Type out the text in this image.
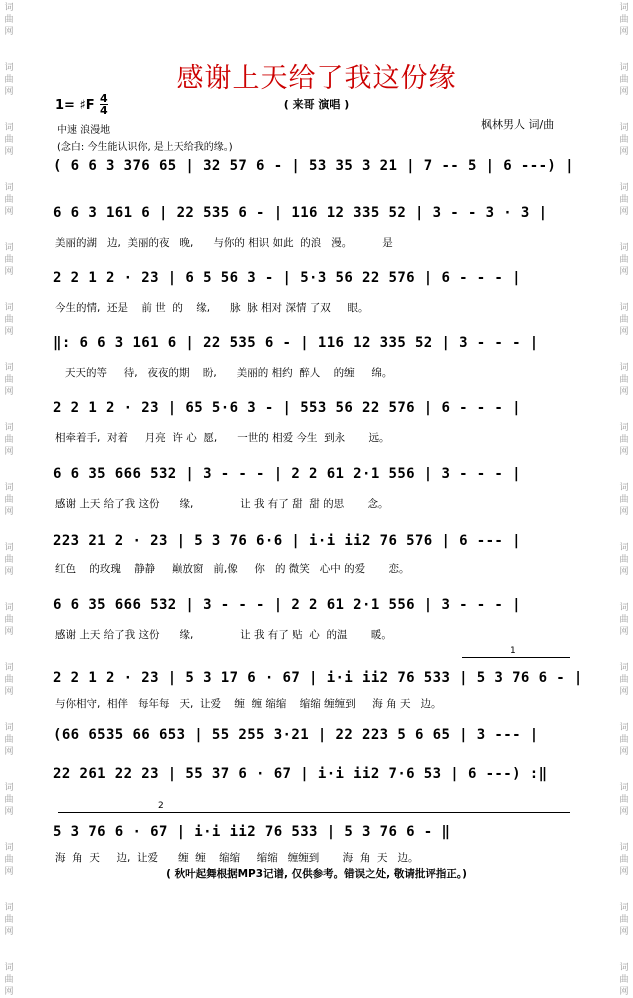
词
曲
网
词
曲
网
词
曲
网
词
曲
网
词
曲
网
词
曲
网
词
曲
网
词
曲
网
词
曲
网
词
曲
网
词
曲
网
词
曲
网
词
曲
网
词
曲
网
词
曲
网
词
曲
网
词
曲
网
词
曲
网
词
曲
网
词
曲
网
词
曲
网
词
曲
网
词
曲
网
词
曲
网
词
曲
网
词
曲
网
词
曲
网
词
曲
网
词
曲
网
词
曲
网
词
曲
网
词
曲
网
词
曲
网
词
曲
网
感谢上天给了我这份缘
( 来哥 演唱 )
1= ♯F 4
4
中速 浪漫地	枫林男人 词/曲
(念白: 今生能认识你, 是上天给我的缘。)
( 6 6 3 376 65 | 32 57 6 - | 53 35 3 21 | 7 -- 5 | 6 ---) |
6 6 3 161 6 | 22 535 6 - | 116 12 335 52 | 3 - - 3 · 3 |
美丽的湖   边,  美丽的夜   晚,      与你的 相识 如此  的浪   漫。         是
2 2 1 2 · 23 | 6 5 56 3 - | 5·3 56 22 576 | 6 - - - |
今生的情,  还是    前 世  的    缘,      脉  脉 相对 深情 了双     眼。
‖: 6 6 3 161 6 | 22 535 6 - | 116 12 335 52 | 3 - - - |
天天的等     待,   夜夜的期    盼,      美丽的 相约  醉人    的缠     绵。
2 2 1 2 · 23 | 65 5·6 3 - | 553 56 22 576 | 6 - - - |
相牵着手,  对着     月亮  许 心  愿,      一世的 相爱 今生  到永       远。
6 6 35 666 532 | 3 - - - | 2 2 61 2·1 556 | 3 - - - |
感谢 上天 给了我 这份      缘,              让 我 有了 甜  甜 的思       念。
223 21 2 · 23 | 5 3 76 6·6 | i·i ii2 76 576 | 6 --- |
红色    的玫瑰    静静     巅放窗   前,像     你   的 微笑   心中 的爱       恋。
6 6 35 666 532 | 3 - - - | 2 2 61 2·1 556 | 3 - - - |
感谢 上天 给了我 这份      缘,              让 我 有了 贴  心  的温       暖。
1
2 2 1 2 · 23 | 5 3 17 6 · 67 | i·i ii2 76 533 | 5 3 76 6 - |
与你相守,  相伴   每年每   天,  让爱    缠  缠 缩缩    缩缩 缠缠到     海 角 天   边。
(66 6535 66 653 | 55 255 3·21 | 22 223 5 6 65 | 3 --- |
22 261 22 23 | 55 37 6 · 67 | i·i ii2 7·6 53 | 6 ---) :‖
2
5 3 76 6 · 67 | i·i ii2 76 533 | 5 3 76 6 - ‖
海  角  天     边,  让爱      缠  缠    缩缩     缩缩   缠缠到       海  角  天   边。
( 秋叶起舞根据MP3记谱, 仅供参考。错误之处, 敬请批评指正。)
